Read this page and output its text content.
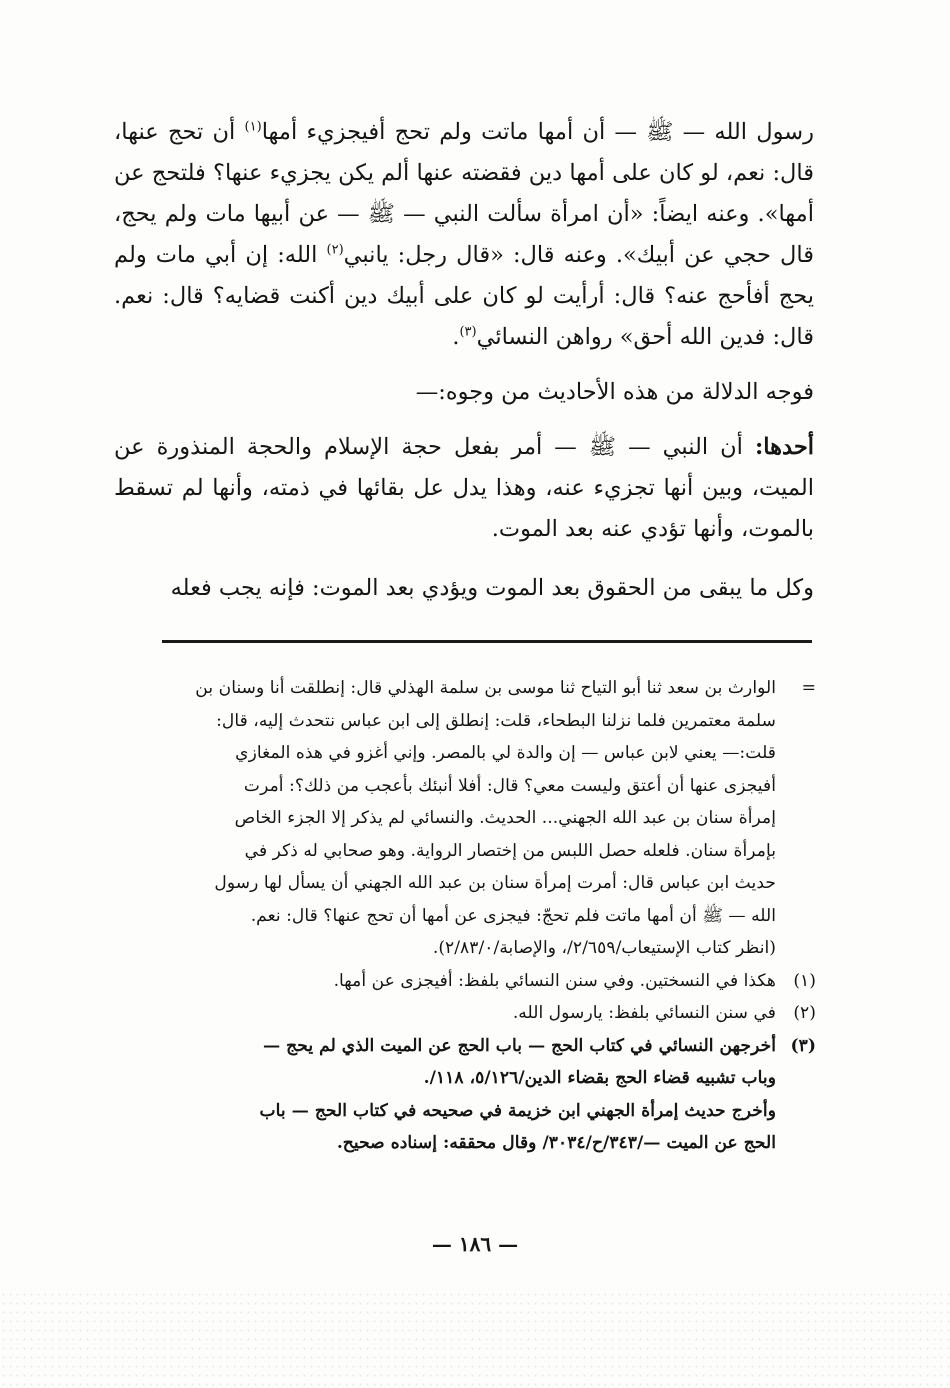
رسول الله — ﷺ — أن أمها ماتت ولم تحج أفيجزيء أمها$^{(١)}$ أن تحج عنها، قال: نعم، لو كان على أمها دين فقضته عنها ألم يكن يجزيء عنها؟ فلتحج عن أمها». وعنه ايضاً: «أن امرأة سألت النبي — ﷺ — عن أبيها مات ولم يحج، قال حجي عن أبيك». وعنه قال: «قال رجل: يانبي$^{(٢)}$ الله: إن أبي مات ولم يحج أفأحج عنه؟ قال: أرأيت لو كان على أبيك دين أكنت قضايه؟ قال: نعم. قال: فدين الله أحق» رواهن النسائي$^{(٣)}$.

فوجه الدلالة من هذه الأحاديث من وجوه:—

أحدها: أن النبي — ﷺ — أمر بفعل حجة الإسلام والحجة المنذورة عن الميت، وبين أنها تجزيء عنه، وهذا يدل عل بقائها في ذمته، وأنها لم تسقط بالموت، وأنها تؤدي عنه بعد الموت.

وكل ما يبقى من الحقوق بعد الموت ويؤدي بعد الموت: فإنه يجب فعله

=
الوارث بن سعد ثنا أبو التياح ثنا موسى بن سلمة الهذلي قال: إنطلقت أنا وسنان بن
سلمة معتمرين فلما نزلنا البطحاء، قلت: إنطلق إلى ابن عباس نتحدث إليه، قال:
قلت:— يعني لابن عباس — إن والدة لي بالمصر. وإني أغزو في هذه المغازي
أفيجزى عنها أن أعتق وليست معي؟ قال: أفلا أنبئك بأعجب من ذلك؟: أمرت
إمرأة سنان بن عبد الله الجهني... الحديث. والنسائي لم يذكر إلا الجزء الخاص
بإمرأة سنان. فلعله حصل اللبس من إختصار الرواية. وهو صحابي له ذكر في
حديث ابن عباس قال: أمرت إمرأة سنان بن عبد الله الجهني أن يسأل لها رسول
الله — ﷺ أن أمها ماتت فلم تحجّ: فيجزى عن أمها أن تحج عنها؟ قال: نعم.
(انظر كتاب الإستيعاب/٢/٦٥٩/، والإصابة/٢/٨٣/٠).
(١)
هكذا في النسختين. وفي سنن النسائي بلفظ: أفيجزى عن أمها.
(٢)
في سنن النسائي بلفظ: يارسول الله.
(٣)
أخرجهن النسائي في كتاب الحج — باب الحج عن الميت الذي لم يحج —
وباب تشبيه قضاء الحج بقضاء الدين/٥/١٢٦، ١١٨/.
وأخرج حديث إمرأة الجهني ابن خزيمة في صحيحه في كتاب الحج — باب
الحج عن الميت —/٣٤٣/ح/٣٠٣٤/ وقال محققه: إسناده صحيح.
— ١٨٦ —
